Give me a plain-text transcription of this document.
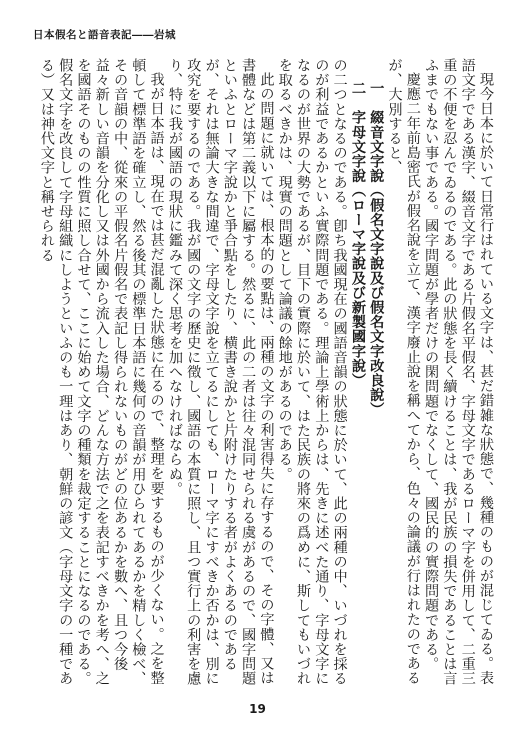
日本假名と語音表記――岩城

現今日本に於いて日常行はれている文字は、甚だ錯雑な狀態で、幾種のものが混じてゐる。表語文字である漢字、綴音文字である片假名平假名、字母文字であるローマ字を併用して、二重三重の不便を忍んでゐるのである。此の狀態を長く續けることは、我が民族の損失であることは言ふまでもない事である。國字問題が學者だけの閑問題でなくして、國民的の實際問題である。

慶應二年前島密氏が假名說を立て、漢字廢止說を稱へてから、色々の論議が行はれたのであるが、大別すると、

一　綴音文字說（假名文字說及び假名文字改良說）
二　字母文字說（ローマ字說及び新製國字說）

の二つとなるのである。卽ち我國現在の國語音韻の狀態に於いて、此の兩種の中、いづれを採るのが利益であるかといふ實際問題である。理論上學術上からは、先きに述べた通り、字母文字になるのが世界の大勢であるが、目下の實際に於いて、はた民族の將來の爲めに、斯してもいづれを取るべきかは、現實の問題として論議の餘地があるのである。

此の問題に就いては、根本的の要點は、兩種の文字の利害得失に存するので、その字體、又は書體などは第二義以下に屬する。然るに、此の二者は往々混同せられる虞があるので、國字問題といふとローマ字說かと爭合點をしたり、横書き說かと片附けたりする者がよくあるのであるが、それは無論大きな間違で、字母文字說を立てるにしても、ローマ字にすべきか否かは、別に攻究を要するのである。我が國の文字の歷史に徵し、國語の本質に照し、且つ實行上の利害を慮り、特に我が國語の現狀に鑑みて深く思考を加へなければならぬ。

我が日本語は、現在では甚だ混亂した狀態に在るので、整理を要するものが少くない。之を整頓して標準語を確立し、然る後其の標準日本語に幾何の音韻が用ひられてあるかを精しく檢べ、その音韻の中、從來の平假名片假名で表記し得られないものがどの位あるかを數へ、且つ今後益々新しい音韻を分化し又は外國から流入した場合、どんな方法で之を表記すべきかを考へ、之を國語そのものの性質に照し合せて、ここに始めて文字の種類を裁定することになるのである。假名文字を改良して字母組織にしようといふのも一理はあり、朝鮮の諺文（字母文字の一種である）又は神代文字と稱せられる

19
